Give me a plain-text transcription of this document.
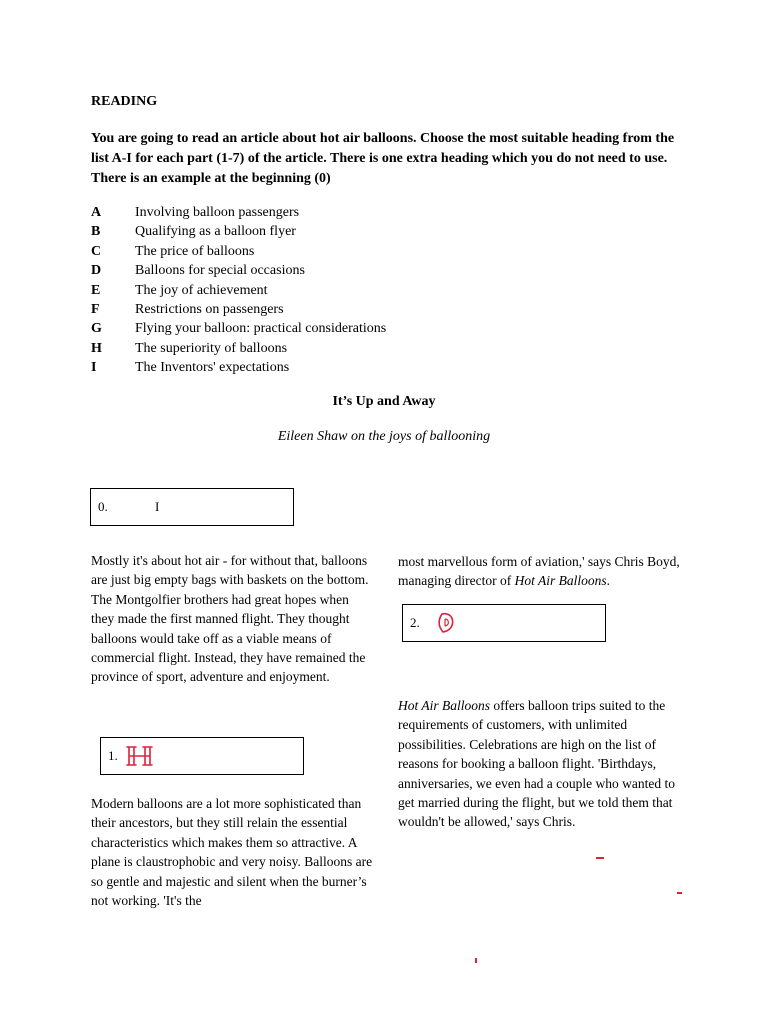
READING
You are going to read an article about hot air balloons. Choose the most suitable heading from the list A-I for each part (1-7) of the article. There is one extra heading which you do not need to use. There is an example at the beginning (0)
A	Involving balloon passengers
B	Qualifying as a balloon flyer
C	The price of balloons
D	Balloons for special occasions
E	The joy of achievement
F	Restrictions on passengers
G	Flying your balloon: practical considerations
H	The superiority of balloons
I	The Inventors' expectations
It’s Up and Away
Eileen Shaw on the joys of ballooning
0.	I
1.
2.
Mostly it's about hot air - for without that, balloons are just big empty bags with baskets on the bottom. The Montgolfier brothers had great hopes when they made the first manned flight. They thought balloons would take off as a viable means of commercial flight. Instead, they have remained the province of sport, adventure and enjoyment.
Modern balloons are a lot more sophisticated than their ancestors, but they still relain the essential characteristics which makes them so attractive. A plane is claustrophobic and very noisy. Balloons are so gentle and majestic and silent when the burner’s not working. 'It's the
most marvellous form of aviation,' says Chris Boyd, managing director of Hot Air Balloons.
Hot Air Balloons offers balloon trips suited to the requirements of customers, with unlimited possibilities. Celebrations are high on the list of reasons for booking a balloon flight. 'Birthdays, anniversaries, we even had a couple who wanted to get married during the flight, but we told them that wouldn't be allowed,' says Chris.
